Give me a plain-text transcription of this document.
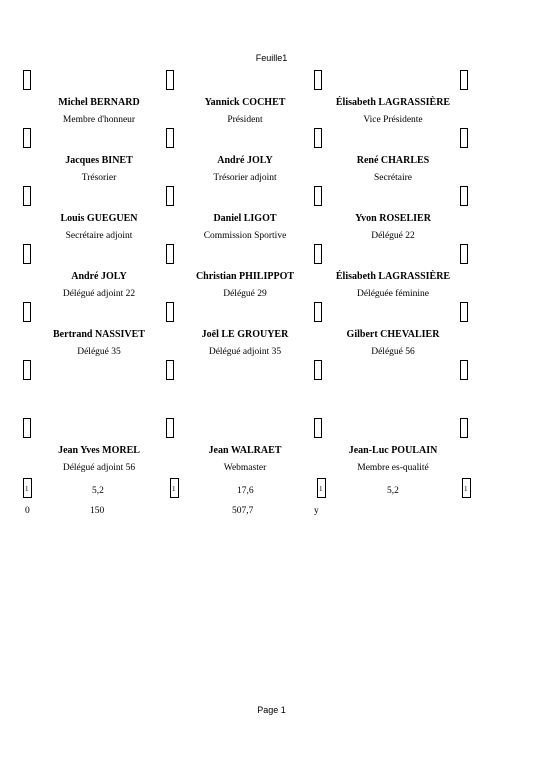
Feuille1
Michel BERNARD
Membre d'honneur
Yannick COCHET
Président
Élisabeth LAGRASSIÈRE
Vice Présidente
Jacques BINET
Trésorier
André JOLY
Trésorier adjoint
René CHARLES
Secrétaire
Louis GUEGUEN
Secrétaire adjoint
Daniel LIGOT
Commission Sportive
Yvon ROSELIER
Délégué 22
André JOLY
Délégué adjoint 22
Christian PHILIPPOT
Délégué 29
Élisabeth LAGRASSIÈRE
Déléguée féminine
Bertrand NASSIVET
Délégué 35
Joël LE GROUYER
Délégué adjoint 35
Gilbert CHEVALIER
Délégué 56
Jean Yves MOREL
Délégué adjoint 56
Jean WALRAET
Webmaster
Jean-Luc POULAIN
Membre es-qualité
1	1	1	1
5,2	17,6	5,2
0	150	507,7	y
Page 1
